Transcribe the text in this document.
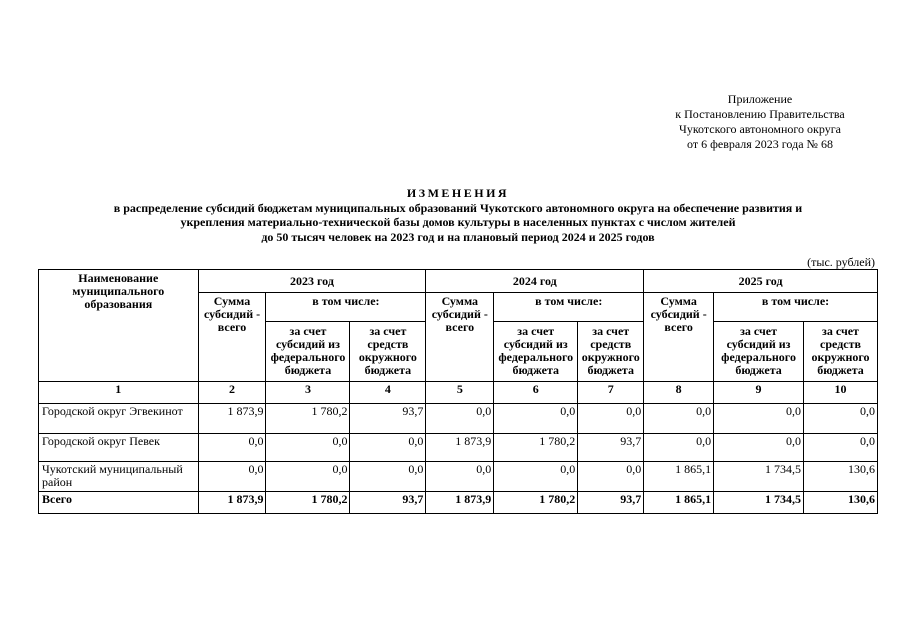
Приложение
к Постановлению Правительства
Чукотского автономного округа
от 6 февраля 2023 года № 68
ИЗМЕНЕНИЯ
в распределение субсидий бюджетам муниципальных образований Чукотского автономного округа на обеспечение развития и
укрепления материально-технической базы домов культуры в населенных пунктах с числом жителей
до 50 тысяч человек на 2023 год и на плановый период 2024 и 2025 годов
(тыс. рублей)
Наименование муниципального образования	2023 год			2024 год			2025 год		
	Сумма субсидий - всего	в том числе:		Сумма субсидий - всего	в том числе:		Сумма субсидий - всего	в том числе:	
		за счет субсидий из федерального бюджета	за счет средств окружного бюджета		за счет субсидий из федерального бюджета	за счет средств окружного бюджета		за счет субсидий из федерального бюджета	за счет средств окружного бюджета
1	2	3	4	5	6	7	8	9	10
Городской округ Эгвекинот	1 873,9	1 780,2	93,7	0,0	0,0	0,0	0,0	0,0	0,0
Городской округ Певек	0,0	0,0	0,0	1 873,9	1 780,2	93,7	0,0	0,0	0,0
Чукотский муниципальный район	0,0	0,0	0,0	0,0	0,0	0,0	1 865,1	1 734,5	130,6
Всего	1 873,9	1 780,2	93,7	1 873,9	1 780,2	93,7	1 865,1	1 734,5	130,6
